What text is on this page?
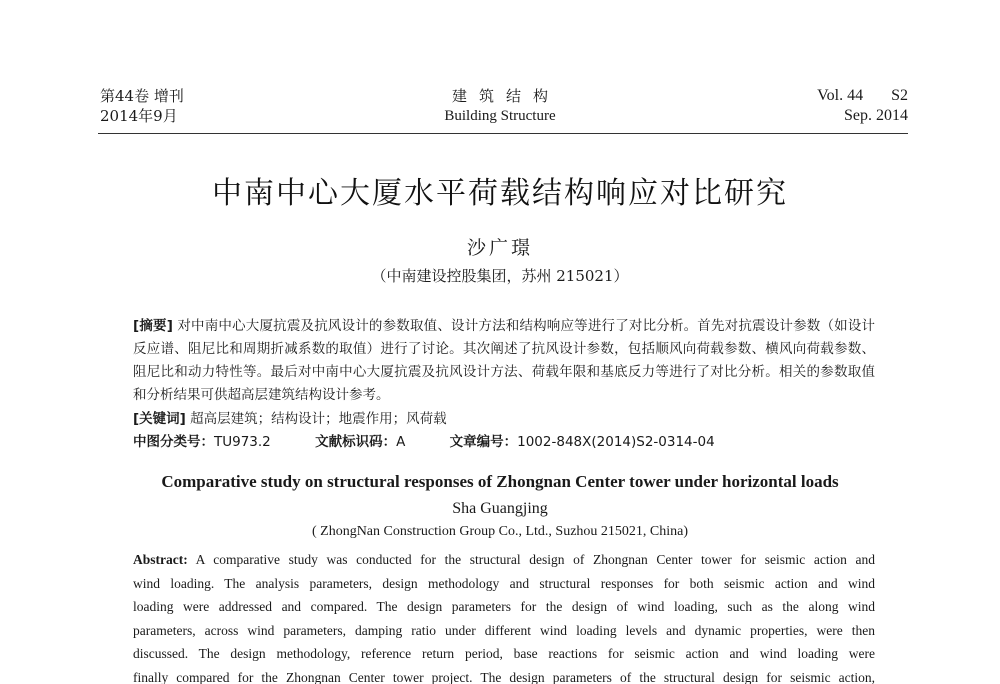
第44卷 增刊
2014年9月
建筑结构
Building Structure
Vol. 44 S2
Sep. 2014
中南中心大厦水平荷载结构响应对比研究
沙广璟
（中南建设控股集团，苏州 215021）
[摘要] 对中南中心大厦抗震及抗风设计的参数取值、设计方法和结构响应等进行了对比分析。首先对抗震设计参数（如设计反应谱、阻尼比和周期折减系数的取值）进行了讨论。其次阐述了抗风设计参数，包括顺风向荷载参数、横风向荷载参数、阻尼比和动力特性等。最后对中南中心大厦抗震及抗风设计方法、荷载年限和基底反力等进行了对比分析。相关的参数取值和分析结果可供超高层建筑结构设计参考。
[关键词] 超高层建筑；结构设计；地震作用；风荷载
中图分类号：TU973.2	文献标识码：A	文章编号：1002-848X(2014)S2-0314-04
Comparative study on structural responses of Zhongnan Center tower under horizontal loads
Sha Guangjing
( ZhongNan Construction Group Co., Ltd., Suzhou 215021, China)
Abstract: A comparative study was conducted for the structural design of Zhongnan Center tower for seismic action and
wind loading. The analysis parameters, design methodology and structural responses for both seismic action and wind
loading were addressed and compared. The design parameters for the design of wind loading, such as the along wind
parameters, across wind parameters, damping ratio under different wind loading levels and dynamic properties, were then
discussed. The design methodology, reference return period, base reactions for seismic action and wind loading were
finally compared for the Zhongnan Center tower project. The design parameters of the structural design for seismic action,
